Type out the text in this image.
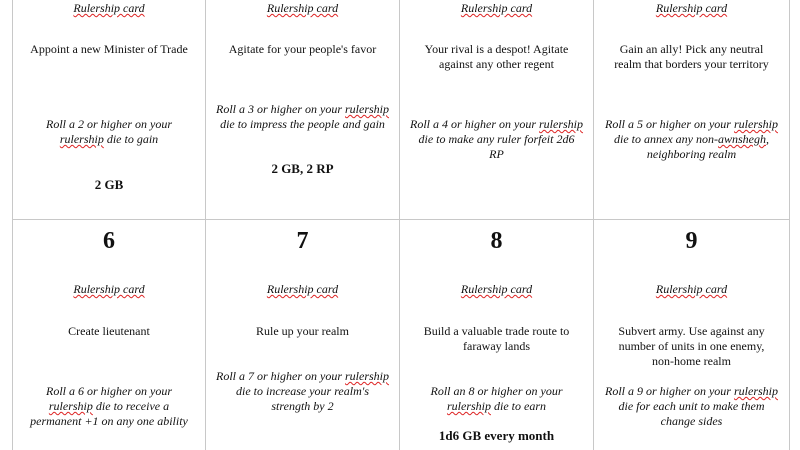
Rulership card
Appoint a new Minister of Trade
Roll a 2 or higher on your rulership die to gain
2 GB
Rulership card
Agitate for your people's favor
Roll a 3 or higher on your rulership die to impress the people and gain
2 GB, 2 RP
Rulership card
Your rival is a despot! Agitate against any other regent
Roll a 4 or higher on your rulership die to make any ruler forfeit 2d6 RP
Rulership card
Gain an ally! Pick any neutral realm that borders your territory
Roll a 5 or higher on your rulership die to annex any non-awnshegh, neighboring realm
6
Rulership card
Create lieutenant
Roll a 6 or higher on your rulership die to receive a permanent +1 on any one ability
7
Rulership card
Rule up your realm
Roll a 7 or higher on your rulership die to increase your realm's strength by 2
8
Rulership card
Build a valuable trade route to faraway lands
Roll an 8 or higher on your rulership die to earn
1d6 GB every month
9
Rulership card
Subvert army. Use against any number of units in one enemy, non-home realm
Roll a 9 or higher on your rulership die for each unit to make them change sides
